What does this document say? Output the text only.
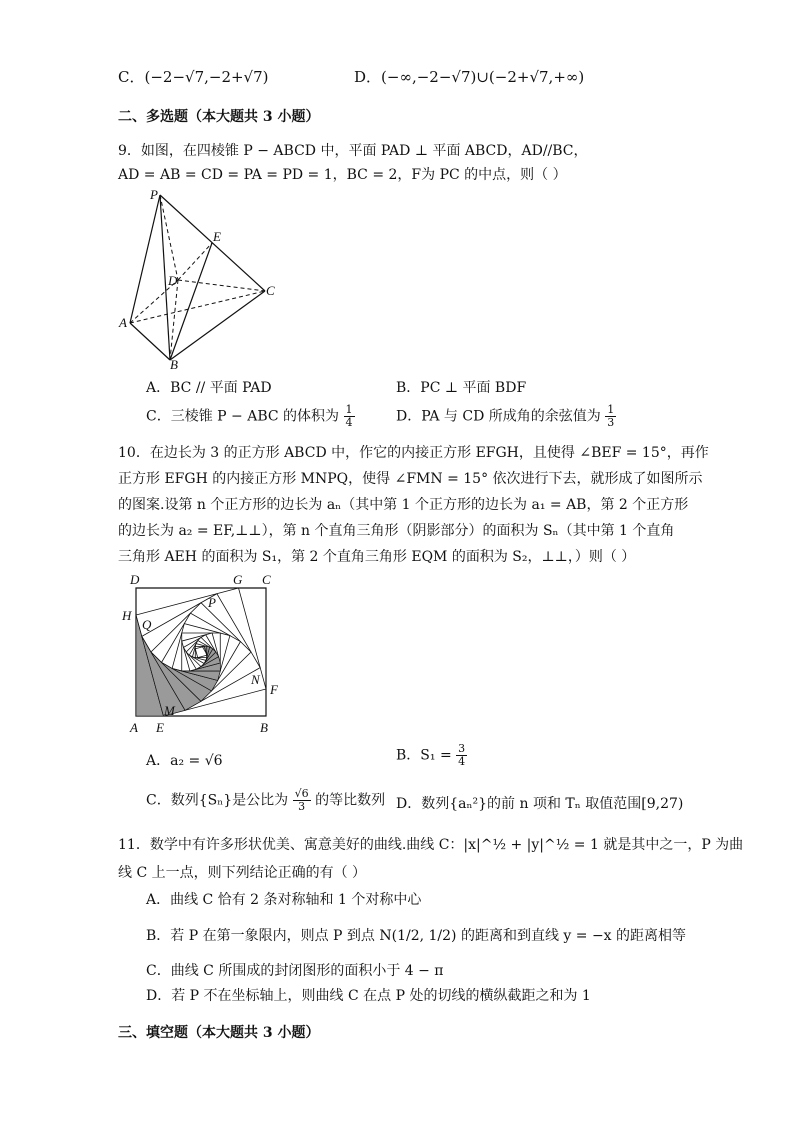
C．(−2−√7,−2+√7)	D．(−∞,−2−√7)∪(−2+√7,+∞)
二、多选题（本大题共 3 小题）
9．如图，在四棱锥 P − ABCD 中，平面 PAD ⊥ 平面 ABCD，AD//BC，
AD = AB = CD = PA = PD = 1，BC = 2，F为 PC 的中点，则（ ）
P
E
D
C
A
B
A．BC // 平面 PAD	B．PC ⊥ 平面 BDF
C．三棱锥 P − ABC 的体积为 $\frac{1}{4}$	D．PA 与 CD 所成角的余弦值为 $\frac{1}{3}$
10．在边长为 3 的正方形 ABCD 中，作它的内接正方形 EFGH，且使得 ∠BEF = 15°，再作
正方形 EFGH 的内接正方形 MNPQ，使得 ∠FMN = 15° 依次进行下去，就形成了如图所示
的图案.设第 n 个正方形的边长为 aₙ（其中第 1 个正方形的边长为 a₁ = AB，第 2 个正方形
的边长为 a₂ = EF,⊥⊥），第 n 个直角三角形（阴影部分）的面积为 Sₙ（其中第 1 个直角
三角形 AEH 的面积为 S₁，第 2 个直角三角形 EQM 的面积为 S₂，⊥⊥，）则（ ）
D	G C
H
P
Q
N
F
M
A E	B
A．a₂ = √6	B．$S_1 = \frac{3}{4}$
C．数列{Sₙ}是公比为 $\frac{√6}{3}$ 的等比数列 D．数列{aₙ²}的前 n 项和 Tₙ 取值范围[9,27)
11．数学中有许多形状优美、寓意美好的曲线.曲线 C：|x|^½ + |y|^½ = 1 就是其中之一，P 为曲
线 C 上一点，则下列结论正确的有（ ）
A．曲线 C 恰有 2 条对称轴和 1 个对称中心
B．若 P 在第一象限内，则点 P 到点 N(1/2, 1/2) 的距离和到直线 y = −x 的距离相等
C．曲线 C 所围成的封闭图形的面积小于 4 − π
D．若 P 不在坐标轴上，则曲线 C 在点 P 处的切线的横纵截距之和为 1
三、填空题（本大题共 3 小题）
